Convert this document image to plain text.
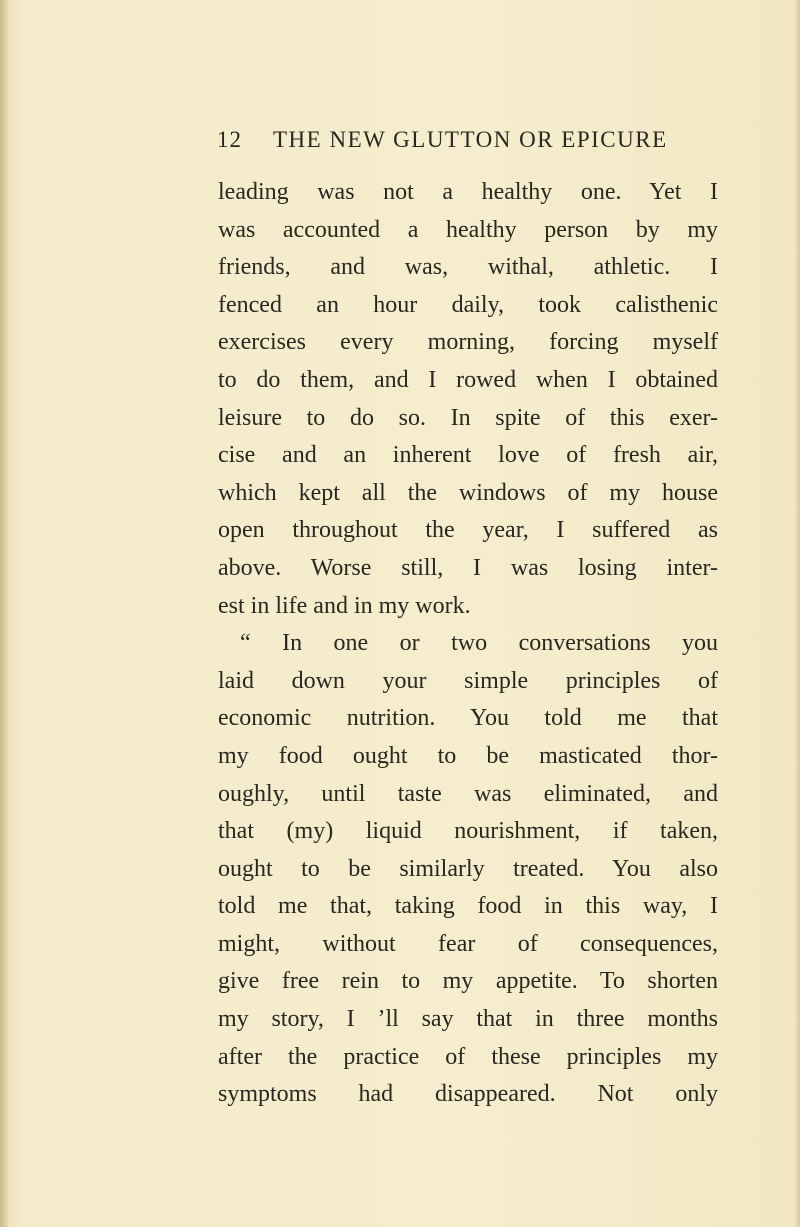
12 THE NEW GLUTTON OR EPICURE
leading was not a healthy one. Yet I
was accounted a healthy person by my
friends, and was, withal, athletic. I
fenced an hour daily, took calisthenic
exercises every morning, forcing myself
to do them, and I rowed when I obtained
leisure to do so. In spite of this exer-
cise and an inherent love of fresh air,
which kept all the windows of my house
open throughout the year, I suffered as
above. Worse still, I was losing inter-
est in life and in my work.
“ In one or two conversations you
laid down your simple principles of
economic nutrition. You told me that
my food ought to be masticated thor-
oughly, until taste was eliminated, and
that (my) liquid nourishment, if taken,
ought to be similarly treated. You also
told me that, taking food in this way, I
might, without fear of consequences,
give free rein to my appetite. To shorten
my story, I ’ll say that in three months
after the practice of these principles my
symptoms had disappeared. Not only
